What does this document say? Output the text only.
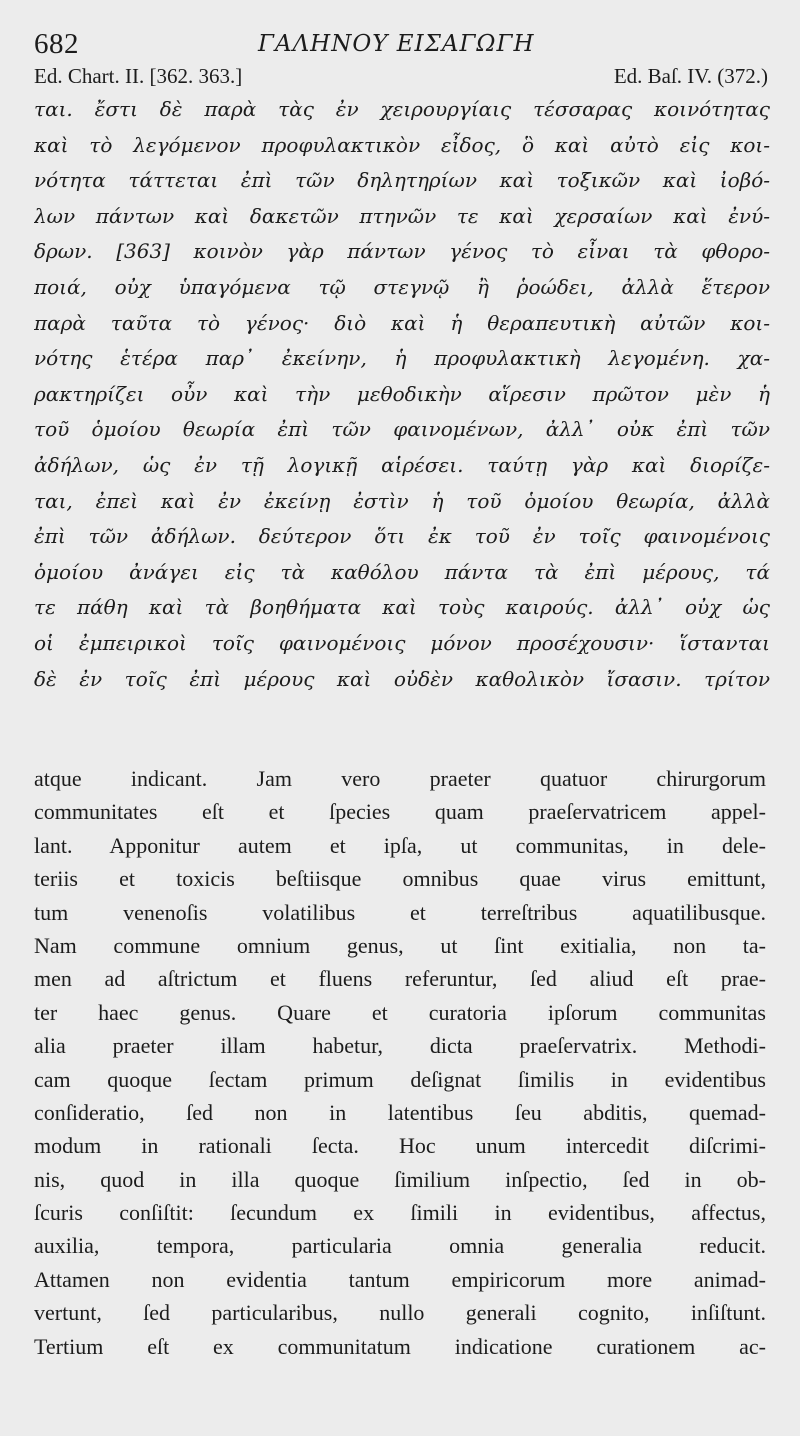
682	ΓΑΛΗΝΟΥ ΕΙΣΑΓΩΓΗ
Ed. Chart. II. [362. 363.]	Ed. Baſ. IV. (372.)
ται. ἔστι δὲ παρὰ τὰς ἐν χειρουργίαις τέσσαρας κοινότητας
καὶ τὸ λεγόμενον προφυλακτικὸν εἶδος, ὃ καὶ αὐτὸ εἰς κοι-
νότητα τάττεται ἐπὶ τῶν δηλητηρίων καὶ τοξικῶν καὶ ἰοβό-
λων πάντων καὶ δακετῶν πτηνῶν τε καὶ χερσαίων καὶ ἐνύ-
δρων. [363] κοινὸν γὰρ πάντων γένος τὸ εἶναι τὰ φθορο-
ποιά, οὐχ ὑπαγόμενα τῷ στεγνῷ ἢ ῥοώδει, ἀλλὰ ἕτερον
παρὰ ταῦτα τὸ γένος· διὸ καὶ ἡ θεραπευτικὴ αὐτῶν κοι-
νότης ἑτέρα παρ᾽ ἐκείνην, ἡ προφυλακτικὴ λεγομένη. χα-
ρακτηρίζει οὖν καὶ τὴν μεθοδικὴν αἵρεσιν πρῶτον μὲν ἡ
τοῦ ὁμοίου θεωρία ἐπὶ τῶν φαινομένων, ἀλλ᾽ οὐκ ἐπὶ τῶν
ἀδήλων, ὡς ἐν τῇ λογικῇ αἱρέσει. ταύτῃ γὰρ καὶ διορίζε-
ται, ἐπεὶ καὶ ἐν ἐκείνῃ ἐστὶν ἡ τοῦ ὁμοίου θεωρία, ἀλλὰ
ἐπὶ τῶν ἀδήλων. δεύτερον ὅτι ἐκ τοῦ ἐν τοῖς φαινομένοις
ὁμοίου ἀνάγει εἰς τὰ καθόλου πάντα τὰ ἐπὶ μέρους, τά
τε πάθη καὶ τὰ βοηθήματα καὶ τοὺς καιρούς. ἀλλ᾽ οὐχ ὡς
οἱ ἐμπειρικοὶ τοῖς φαινομένοις μόνον προσέχουσιν· ἵστανται
δὲ ἐν τοῖς ἐπὶ μέρους καὶ οὐδὲν καθολικὸν ἴσασιν. τρίτον
atque indicant. Jam vero praeter quatuor chirurgorum
communitates eſt et ſpecies quam praeſervatricem appel-
lant. Apponitur autem et ipſa, ut communitas, in dele-
teriis et toxicis beſtiisque omnibus quae virus emittunt,
tum venenoſis volatilibus et terreſtribus aquatilibusque.
Nam commune omnium genus, ut ſint exitialia, non ta-
men ad aſtrictum et fluens referuntur, ſed aliud eſt prae-
ter haec genus. Quare et curatoria ipſorum communitas
alia praeter illam habetur, dicta praeſervatrix. Methodi-
cam quoque ſectam primum deſignat ſimilis in evidentibus
conſideratio, ſed non in latentibus ſeu abditis, quemad-
modum in rationali ſecta. Hoc unum intercedit diſcrimi-
nis, quod in illa quoque ſimilium inſpectio, ſed in ob-
ſcuris conſiſtit: ſecundum ex ſimili in evidentibus, affectus,
auxilia, tempora, particularia omnia generalia reducit.
Attamen non evidentia tantum empiricorum more animad-
vertunt, ſed particularibus, nullo generali cognito, inſiſtunt.
Tertium eſt ex communitatum indicatione curationem ac-
